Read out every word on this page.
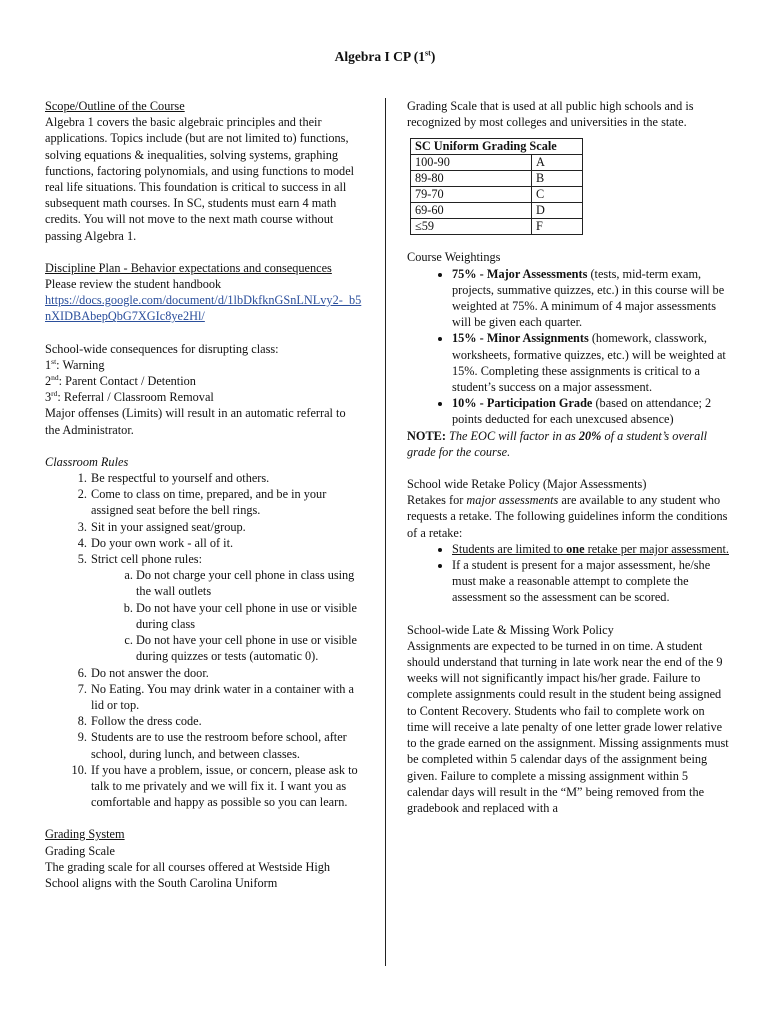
Algebra I CP (1st)

Scope/Outline of the Course

Algebra 1 covers the basic algebraic principles and their applications. Topics include (but are not limited to) functions, solving equations & inequalities, solving systems, graphing functions, factoring polynomials, and using functions to model real life situations. This foundation is critical to success in all subsequent math courses. In SC, students must earn 4 math credits. You will not move to the next math course without passing Algebra 1.

Discipline Plan - Behavior expectations and consequences

Please review the student handbook

https://docs.google.com/document/d/1lbDkfknGSnLNLvy2-_b5nXIDBAbepQbG7XGIc8ye2Hl/

School-wide consequences for disrupting class:

1st: Warning

2nd: Parent Contact / Detention

3rd: Referral / Classroom Removal

Major offenses (Limits) will result in an automatic referral to the Administrator.

Classroom Rules

1. Be respectful to yourself and others.
2. Come to class on time, prepared, and be in your assigned seat before the bell rings.
3. Sit in your assigned seat/group.
4. Do your own work - all of it.
5. Strict cell phone rules:
a. Do not charge your cell phone in class using the wall outlets
b. Do not have your cell phone in use or visible during class
c. Do not have your cell phone in use or visible during quizzes or tests (automatic 0).
6. Do not answer the door.
7. No Eating. You may drink water in a container with a lid or top.
8. Follow the dress code.
9. Students are to use the restroom before school, after school, during lunch, and between classes.
10. If you have a problem, issue, or concern, please ask to talk to me privately and we will fix it. I want you as comfortable and happy as possible so you can learn.

Grading System

Grading Scale

The grading scale for all courses offered at Westside High School aligns with the South Carolina Uniform

Grading Scale that is used at all public high schools and is recognized by most colleges and universities in the state.

SC Uniform Grading Scale	
100-90	A
89-80	B
79-70	C
69-60	D
≤59	F

Course Weightings

• 75% - Major Assessments (tests, mid-term exam, projects, summative quizzes, etc.) in this course will be weighted at 75%. A minimum of 4 major assessments will be given each quarter.
• 15% - Minor Assignments (homework, classwork, worksheets, formative quizzes, etc.) will be weighted at 15%. Completing these assignments is critical to a student’s success on a major assessment.
• 10% - Participation Grade (based on attendance; 2 points deducted for each unexcused absence)

NOTE: The EOC will factor in as 20% of a student’s overall grade for the course.

School wide Retake Policy (Major Assessments)

Retakes for major assessments are available to any student who requests a retake. The following guidelines inform the conditions of a retake:

• Students are limited to one retake per major assessment.
• If a student is present for a major assessment, he/she must make a reasonable attempt to complete the assessment so the assessment can be scored.

School-wide Late & Missing Work Policy

Assignments are expected to be turned in on time. A student should understand that turning in late work near the end of the 9 weeks will not significantly impact his/her grade. Failure to complete assignments could result in the student being assigned to Content Recovery. Students who fail to complete work on time will receive a late penalty of one letter grade lower relative to the grade earned on the assignment. Missing assignments must be completed within 5 calendar days of the assignment being given. Failure to complete a missing assignment within 5 calendar days will result in the “M” being removed from the gradebook and replaced with a
